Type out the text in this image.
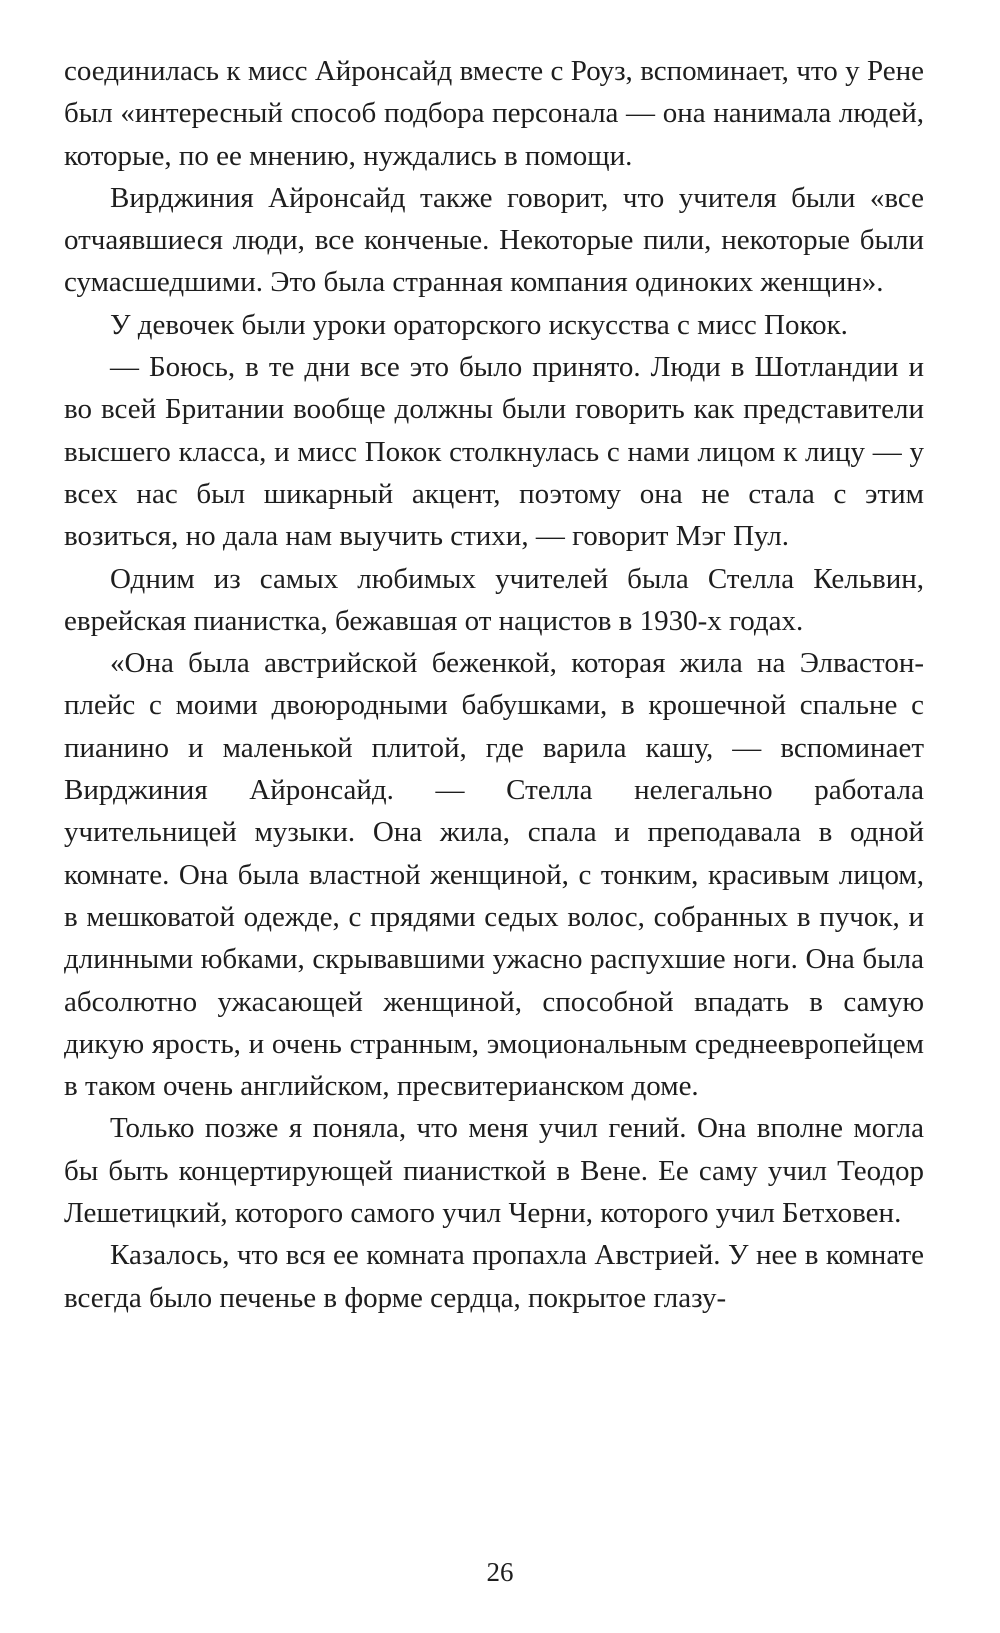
соединилась к мисс Айронсайд вместе с Роуз, вспоминает, что у Рене был «интересный способ подбора персонала — она нанимала людей, которые, по ее мнению, нуждались в помощи.

Вирджиния Айронсайд также говорит, что учителя были «все отчаявшиеся люди, все конченые. Некоторые пили, некоторые были сумасшедшими. Это была странная компания одиноких женщин».

У девочек были уроки ораторского искусства с мисс Покок.

— Боюсь, в те дни все это было принято. Люди в Шотландии и во всей Британии вообще должны были говорить как представители высшего класса, и мисс Покок столкнулась с нами лицом к лицу — у всех нас был шикарный акцент, поэтому она не стала с этим возиться, но дала нам выучить стихи, — говорит Мэг Пул.

Одним из самых любимых учителей была Стелла Кельвин, еврейская пианистка, бежавшая от нацистов в 1930-х годах.

«Она была австрийской беженкой, которая жила на Элвастон-плейс с моими двоюродными бабушками, в крошечной спальне с пианино и маленькой плитой, где варила кашу, — вспоминает Вирджиния Айронсайд. — Стелла нелегально работала учительницей музыки. Она жила, спала и преподавала в одной комнате. Она была властной женщиной, с тонким, красивым лицом, в мешковатой одежде, с прядями седых волос, собранных в пучок, и длинными юбками, скрывавшими ужасно распухшие ноги. Она была абсолютно ужасающей женщиной, способной впадать в самую дикую ярость, и очень странным, эмоциональным среднеевропейцем в таком очень английском, пресвитерианском доме.

Только позже я поняла, что меня учил гений. Она вполне могла бы быть концертирующей пианисткой в Вене. Ее саму учил Теодор Лешетицкий, которого самого учил Черни, которого учил Бетховен.

Казалось, что вся ее комната пропахла Австрией. У нее в комнате всегда было печенье в форме сердца, покрытое глазу-

26
